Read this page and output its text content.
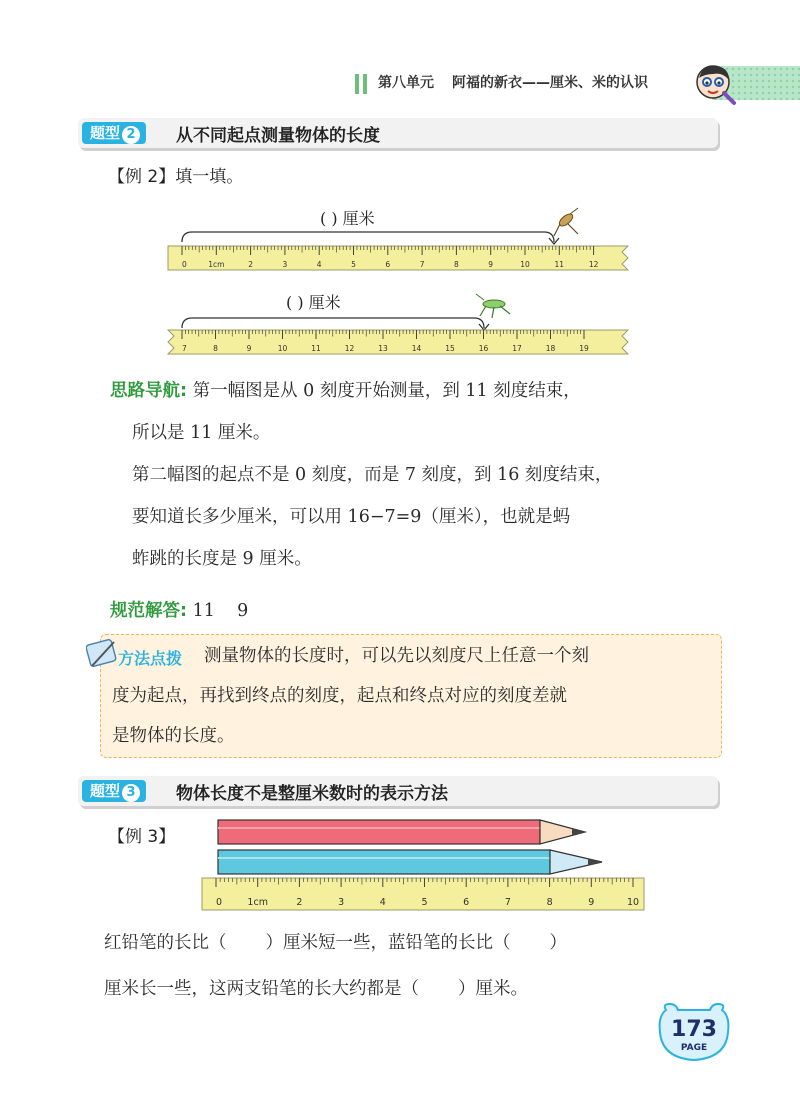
第八单元 阿福的新衣——厘米、米的认识
题型 2	从不同起点测量物体的长度
【例 2】填一填。
( ) 厘米
0	1cm	2	3	4	5	6	7	8	9	10	11	12
( ) 厘米
7	8	9	10	11	12	13	14	15	16	17	18	19
思路导航: 第一幅图是从 0 刻度开始测量，到 11 刻度结束，
所以是 11 厘米。
第二幅图的起点不是 0 刻度，而是 7 刻度，到 16 刻度结束，
要知道长多少厘米，可以用 16−7=9（厘米），也就是蚂
蚱跳的长度是 9 厘米。
规范解答: 11    9
方法点拨	测量物体的长度时，可以先以刻度尺上任意一个刻
度为起点，再找到终点的刻度，起点和终点对应的刻度差就
是物体的长度。
题型 3	物体长度不是整厘米数时的表示方法
【例 3】
0	1cm	2	3	4	5	6	7	8	9	10
红铅笔的长比（       ）厘米短一些，蓝铅笔的长比（       ）
厘米长一些，这两支铅笔的长大约都是（       ）厘米。
173
PAGE
